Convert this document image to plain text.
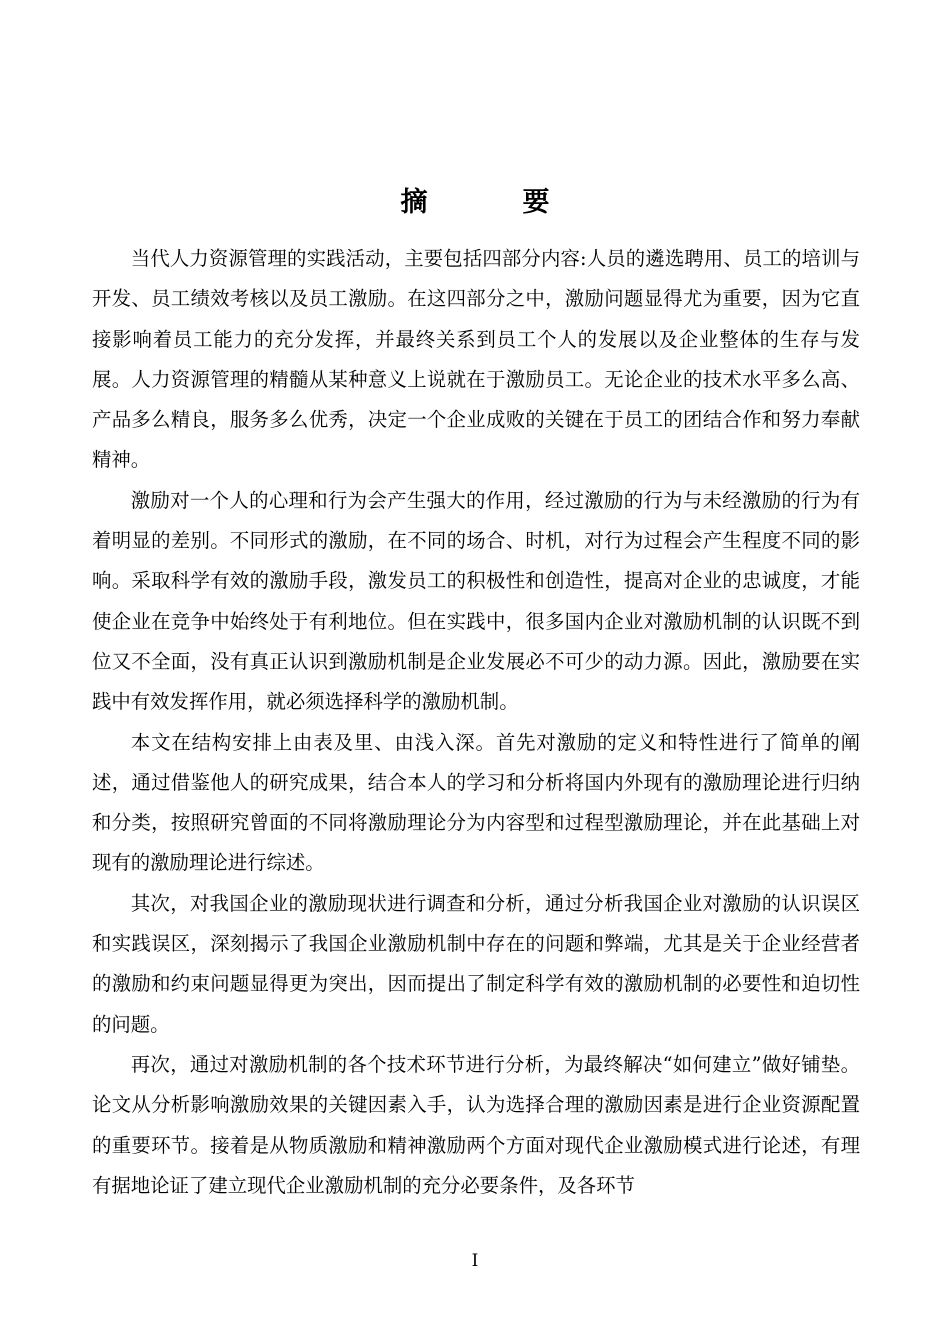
摘　要

当代人力资源管理的实践活动，主要包括四部分内容:人员的遴选聘用、员工的培训与开发、员工绩效考核以及员工激励。在这四部分之中，激励问题显得尤为重要，因为它直接影响着员工能力的充分发挥，并最终关系到员工个人的发展以及企业整体的生存与发展。人力资源管理的精髓从某种意义上说就在于激励员工。无论企业的技术水平多么高、产品多么精良，服务多么优秀，决定一个企业成败的关键在于员工的团结合作和努力奉献精神。

激励对一个人的心理和行为会产生强大的作用，经过激励的行为与未经激励的行为有着明显的差别。不同形式的激励，在不同的场合、时机，对行为过程会产生程度不同的影响。采取科学有效的激励手段，激发员工的积极性和创造性，提高对企业的忠诚度，才能使企业在竞争中始终处于有利地位。但在实践中，很多国内企业对激励机制的认识既不到位又不全面，没有真正认识到激励机制是企业发展必不可少的动力源。因此，激励要在实践中有效发挥作用，就必须选择科学的激励机制。

本文在结构安排上由表及里、由浅入深。首先对激励的定义和特性进行了简单的阐述，通过借鉴他人的研究成果，结合本人的学习和分析将国内外现有的激励理论进行归纳和分类，按照研究曾面的不同将激励理论分为内容型和过程型激励理论，并在此基础上对现有的激励理论进行综述。

其次，对我国企业的激励现状进行调查和分析，通过分析我国企业对激励的认识误区和实践误区，深刻揭示了我国企业激励机制中存在的问题和弊端，尤其是关于企业经营者的激励和约束问题显得更为突出，因而提出了制定科学有效的激励机制的必要性和迫切性的问题。

再次，通过对激励机制的各个技术环节进行分析，为最终解决“如何建立”做好铺垫。论文从分析影响激励效果的关键因素入手，认为选择合理的激励因素是进行企业资源配置的重要环节。接着是从物质激励和精神激励两个方面对现代企业激励模式进行论述，有理有据地论证了建立现代企业激励机制的充分必要条件，及各环节

I
